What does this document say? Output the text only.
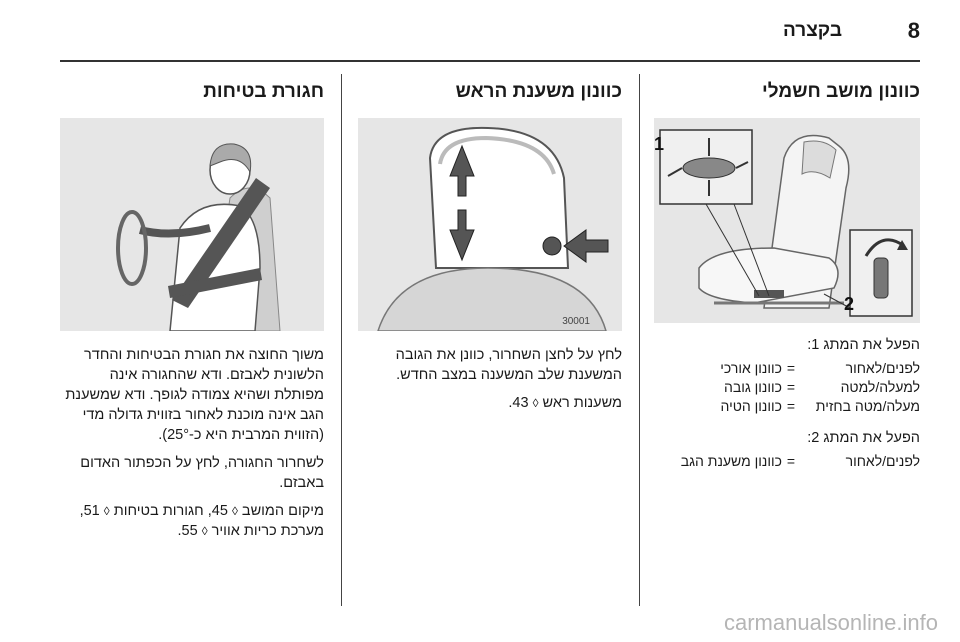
8
בקצרה
כוונון מושב חשמלי
1
2
הפעל את המתג 1:
לפנים/לאחור
=
כוונון אורכי
למעלה/למטה
=
כוונון גובה
מעלה/מטה בחזית
=
כוונון הטיה
הפעל את המתג 2:
לפנים/לאחור
=
כוונון משענת הגב
כוונון משענת הראש
30001

לחץ על לחצן השחרור, כוונן את הגובה המשענת שלב המשענה במצב החדש.

משענות ראש ◊ 43.

חגורת בטיחות

משוך החוצה את חגורת הבטיחות והחדר הלשונית לאבזם. ודא שהחגורה אינה מפותלת ושהיא צמודה לגופך. ודא שמשענת הגב אינה מוכנת לאחור בזווית גדולה מדי (הזווית המרבית היא כ-25°).

לשחרור החגורה, לחץ על הכפתור האדום באבזם.

מיקום המושב ◊ 45, חגורות בטיחות ◊ 51, מערכת כריות אוויר ◊ 55.

carmanualsonline.info
